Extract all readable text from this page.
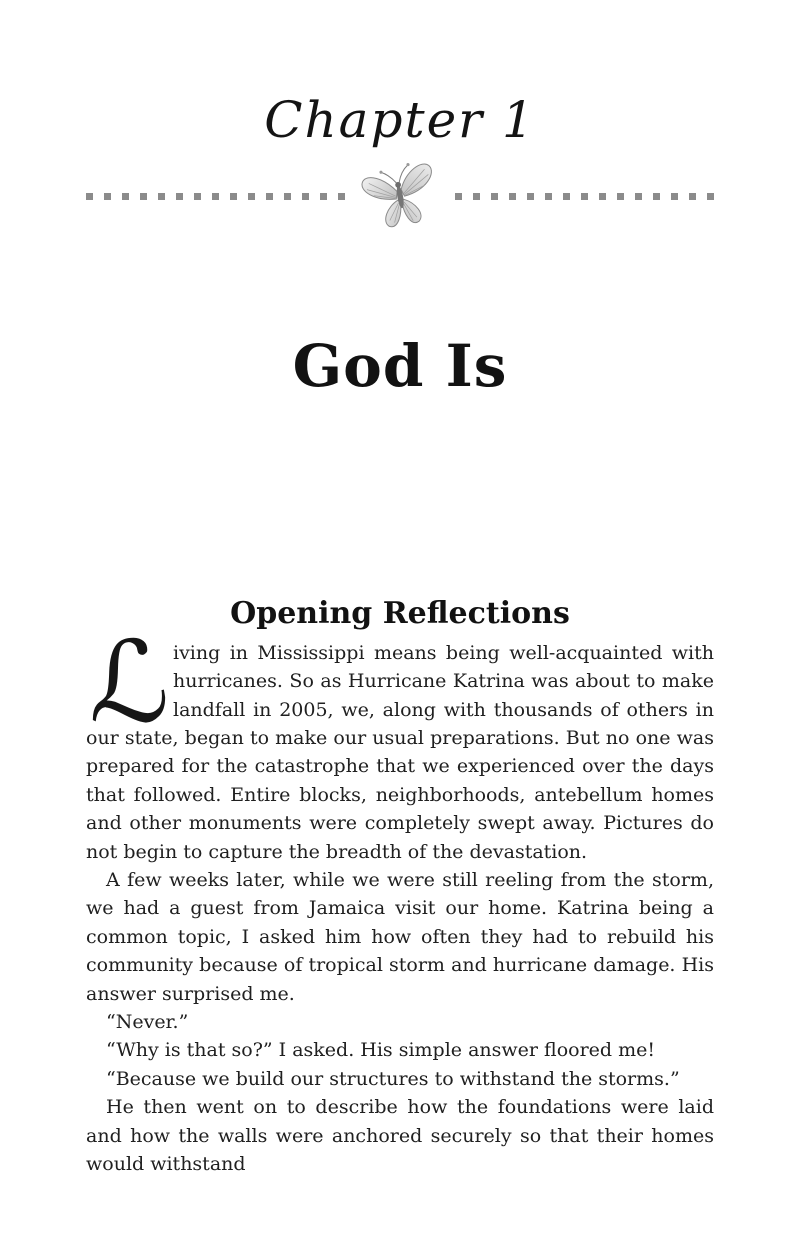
Chapter 1
God Is
Opening Reflections

ℒ iving in Mississippi means being well-acquainted with hurricanes. So as Hurricane Katrina was about to make landfall in 2005, we, along with thousands of others in our state, began to make our usual preparations. But no one was prepared for the catastrophe that we experienced over the days that followed. Entire blocks, neighborhoods, antebellum homes and other monuments were completely swept away. Pictures do not begin to capture the breadth of the devastation.

A few weeks later, while we were still reeling from the storm, we had a guest from Jamaica visit our home. Katrina being a common topic, I asked him how often they had to rebuild his community because of tropical storm and hurricane damage. His answer surprised me.

“Never.”

“Why is that so?” I asked. His simple answer floored me!

“Because we build our structures to withstand the storms.”

He then went on to describe how the foundations were laid and how the walls were anchored securely so that their homes would withstand
